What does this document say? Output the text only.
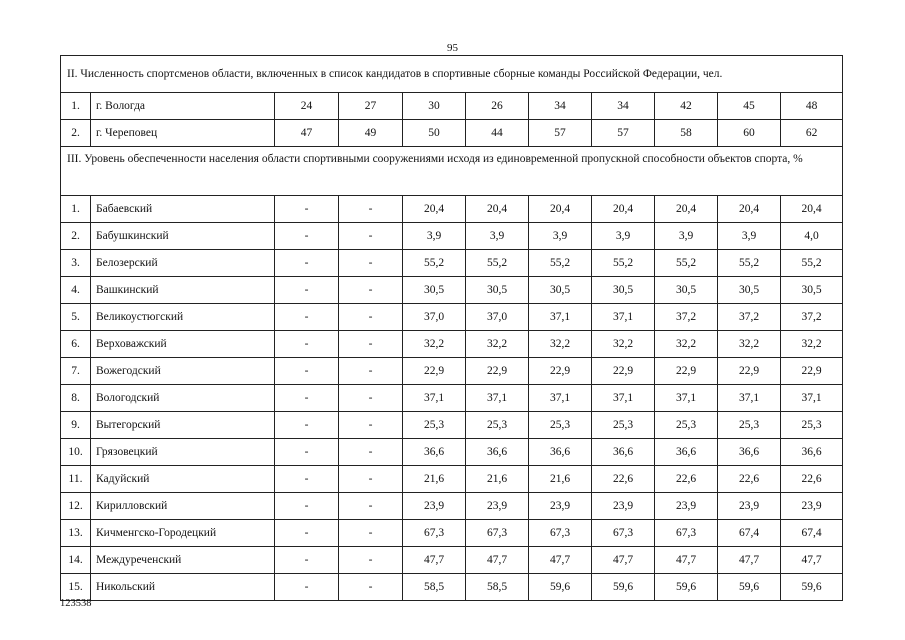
95
II. Численность спортсменов области, включенных в список кандидатов в спортивные сборные команды Российской Федерации, чел.										
1.	г. Вологда	24	27	30	26	34	34	42	45	48
2.	г. Череповец	47	49	50	44	57	57	58	60	62
III. Уровень обеспеченности населения области спортивными сооружениями исходя из единовременной пропускной способности объектов спорта, %										
1.	Бабаевский	-	-	20,4	20,4	20,4	20,4	20,4	20,4	20,4
2.	Бабушкинский	-	-	3,9	3,9	3,9	3,9	3,9	3,9	4,0
3.	Белозерский	-	-	55,2	55,2	55,2	55,2	55,2	55,2	55,2
4.	Вашкинский	-	-	30,5	30,5	30,5	30,5	30,5	30,5	30,5
5.	Великоустюгский	-	-	37,0	37,0	37,1	37,1	37,2	37,2	37,2
6.	Верховажский	-	-	32,2	32,2	32,2	32,2	32,2	32,2	32,2
7.	Вожегодский	-	-	22,9	22,9	22,9	22,9	22,9	22,9	22,9
8.	Вологодский	-	-	37,1	37,1	37,1	37,1	37,1	37,1	37,1
9.	Вытегорский	-	-	25,3	25,3	25,3	25,3	25,3	25,3	25,3
10.	Грязовецкий	-	-	36,6	36,6	36,6	36,6	36,6	36,6	36,6
11.	Кадуйский	-	-	21,6	21,6	21,6	22,6	22,6	22,6	22,6
12.	Кирилловский	-	-	23,9	23,9	23,9	23,9	23,9	23,9	23,9
13.	Кичменгско-Городецкий	-	-	67,3	67,3	67,3	67,3	67,3	67,4	67,4
14.	Междуреченский	-	-	47,7	47,7	47,7	47,7	47,7	47,7	47,7
15.	Никольский	-	-	58,5	58,5	59,6	59,6	59,6	59,6	59,6
123538
